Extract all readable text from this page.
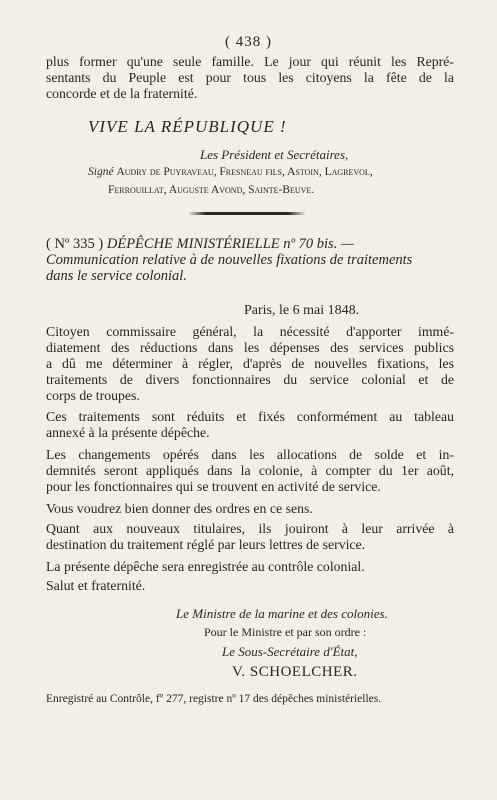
( 438 )
plus former qu'une seule famille. Le jour qui réunit les Repré-
sentants du Peuple est pour tous les citoyens la fête de la
concorde et de la fraternité.
VIVE LA RÉPUBLIQUE !
Les Président et Secrétaires,
Signé Audry de Puyraveau, Fresneau fils, Astoin, Lagrevol,
Ferrouillat, Auguste Avond, Sainte-Beuve.
( Nº 335 ) DÉPÊCHE MINISTÉRIELLE nº 70 bis. —
Communication relative à de nouvelles fixations de traitements
dans le service colonial.
Paris, le 6 mai 1848.
Citoyen commissaire général, la nécessité d'apporter immé-
diatement des réductions dans les dépenses des services publics
a dû me déterminer à régler, d'après de nouvelles fixations, les
traitements de divers fonctionnaires du service colonial et de
corps de troupes.
Ces traitements sont réduits et fixés conformément au tableau
annexé à la présente dépêche.
Les changements opérés dans les allocations de solde et in-
demnités seront appliqués dans la colonie, à compter du 1er août,
pour les fonctionnaires qui se trouvent en activité de service.
Vous voudrez bien donner des ordres en ce sens.
Quant aux nouveaux titulaires, ils jouiront à leur arrivée à
destination du traitement réglé par leurs lettres de service.
La présente dépêche sera enregistrée au contrôle colonial.
Salut et fraternité.
Le Ministre de la marine et des colonies.
Pour le Ministre et par son ordre :
Le Sous-Secrétaire d'État,
V. SCHOELCHER.
Enregistré au Contrôle, fº 277, registre nº 17 des dépêches ministérielles.
